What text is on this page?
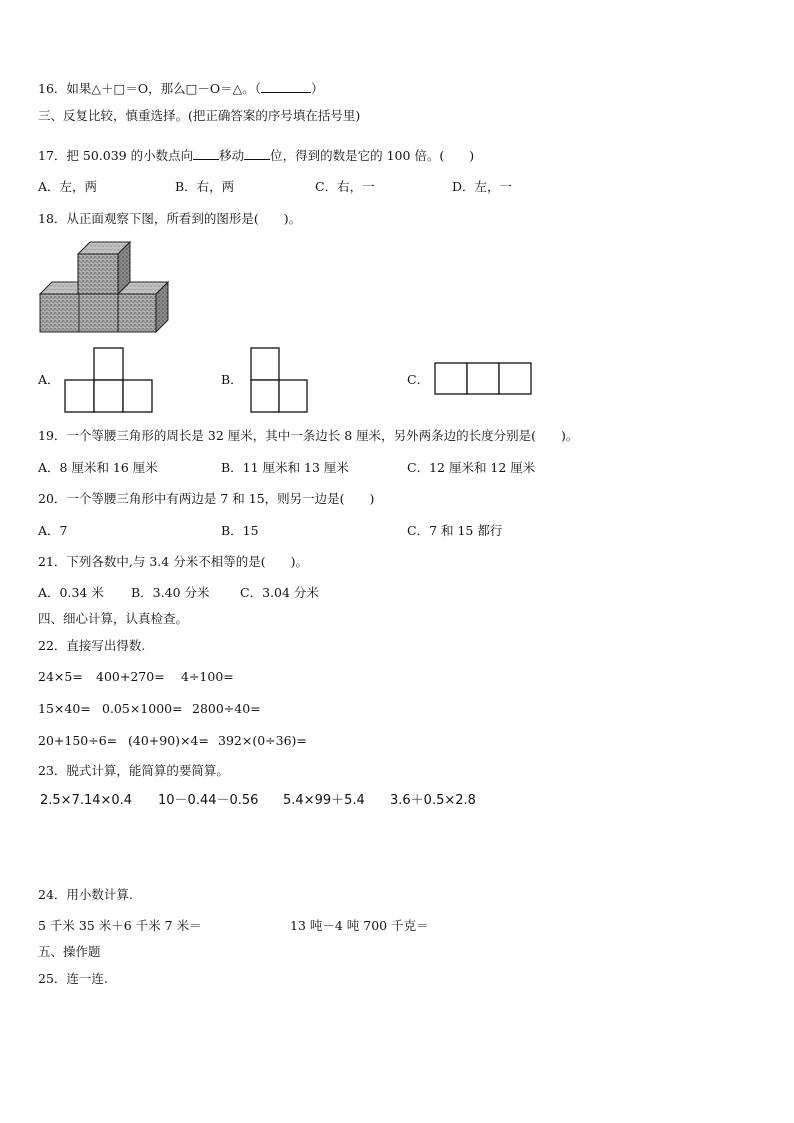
16．如果△＋□＝O，那么□－O＝△。（	）
三、反复比较，慎重选择。(把正确答案的序号填在括号里)
17．把 50.039 的小数点向 移动 位，得到的数是它的 100 倍。(　　)
A．左，两	B．右，两	C．右，一	D．左，一
18．从正面观察下图，所看到的图形是(　　)。
A．	B．	C．
19．一个等腰三角形的周长是 32 厘米，其中一条边长 8 厘米，另外两条边的长度分别是(　　)。
A．8 厘米和 16 厘米	B．11 厘米和 13 厘米	C．12 厘米和 12 厘米
20．一个等腰三角形中有两边是 7 和 15，则另一边是(　　)
A．7	B．15	C．7 和 15 都行
21．下列各数中,与 3.4 分米不相等的是(　　)。
A．0.34 米 B．3.40 分米 C．3.04 分米
四、细心计算，认真检查。
22．直接写出得数.
24×5= 400+270= 4÷100=
15×40= 0.05×1000= 2800÷40=
20+150÷6= (40+90)×4= 392×(0÷36)=
23．脱式计算，能简算的要简算。
2.5×7.14×0.4 10－0.44－0.56 5.4×99＋5.4 3.6＋0.5×2.8
24．用小数计算.
5 千米 35 米＋6 千米 7 米＝	13 吨－4 吨 700 千克＝
五、操作题
25．连一连.
